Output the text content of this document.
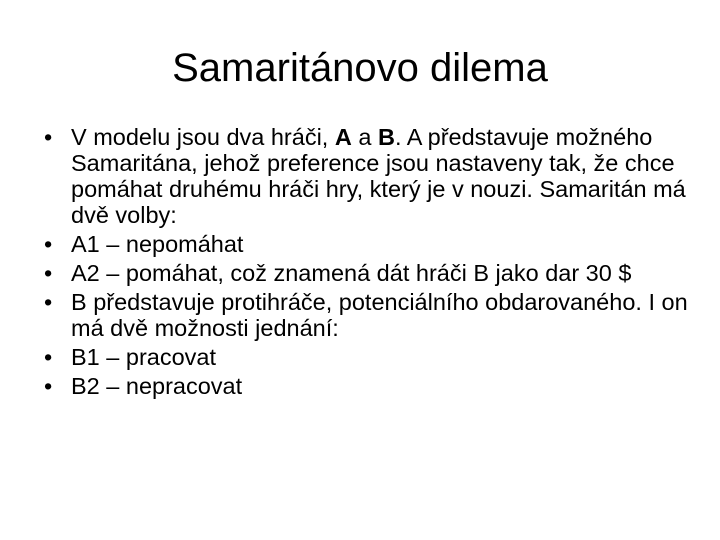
Samaritánovo dilema
• V modelu jsou dva hráči, A a B. A představuje možného Samaritána, jehož preference jsou nastaveny tak, že chce pomáhat druhému hráči hry, který je v nouzi. Samaritán má dvě volby:
• A1 – nepomáhat
• A2 – pomáhat, což znamená dát hráči B jako dar 30 $
• B představuje protihráče, potenciálního obdarovaného. I on má dvě možnosti jednání:
• B1 – pracovat
• B2 – nepracovat
